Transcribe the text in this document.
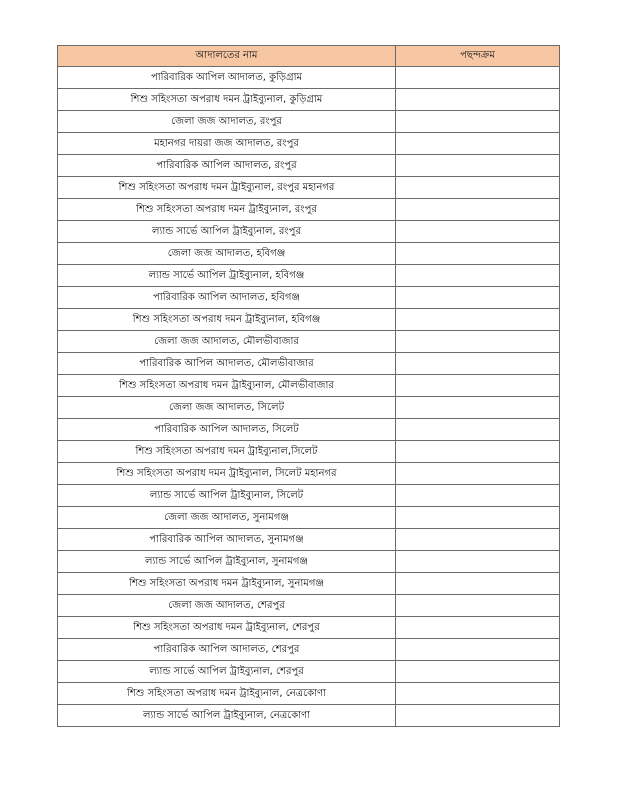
আদালতের নাম	পছন্দক্রম
পারিবারিক আপিল আদালত, কুড়িগ্রাম	
শিশু সহিংসতা অপরাধ দমন ট্রাইব্যুনাল, কুড়িগ্রাম	
জেলা জজ আদালত, রংপুর	
মহানগর দায়রা জজ আদালত, রংপুর	
পারিবারিক আপিল আদালত, রংপুর	
শিশু সহিংসতা অপরাধ দমন ট্রাইব্যুনাল, রংপুর মহানগর	
শিশু সহিংসতা অপরাধ দমন ট্রাইব্যুনাল, রংপুর	
ল্যান্ড সার্ভে আপিল ট্রাইব্যুনাল, রংপুর	
জেলা জজ আদালত, হবিগঞ্জ	
ল্যান্ড সার্ভে আপিল ট্রাইব্যুনাল, হবিগঞ্জ	
পারিবারিক আপিল আদালত, হবিগঞ্জ	
শিশু সহিংসতা অপরাধ দমন ট্রাইব্যুনাল, হবিগঞ্জ	
জেলা জজ আদালত, মৌলভীবাজার	
পারিবারিক আপিল আদালত, মৌলভীবাজার	
শিশু সহিংসতা অপরাধ দমন ট্রাইব্যুনাল, মৌলভীবাজার	
জেলা জজ আদালত, সিলেট	
পারিবারিক আপিল আদালত, সিলেট	
শিশু সহিংসতা অপরাধ দমন ট্রাইব্যুনাল,সিলেট	
শিশু সহিংসতা অপরাধ দমন ট্রাইব্যুনাল, সিলেট মহানগর	
ল্যান্ড সার্ভে আপিল ট্রাইব্যুনাল, সিলেট	
জেলা জজ আদালত, সুনামগঞ্জ	
পারিবারিক আপিল আদালত, সুনামগঞ্জ	
ল্যান্ড সার্ভে আপিল ট্রাইব্যুনাল, সুনামগঞ্জ	
শিশু সহিংসতা অপরাধ দমন ট্রাইব্যুনাল, সুনামগঞ্জ	
জেলা জজ আদালত, শেরপুর	
শিশু সহিংসতা অপরাধ দমন ট্রাইব্যুনাল, শেরপুর	
পারিবারিক আপিল আদালত, শেরপুর	
ল্যান্ড সার্ভে আপিল ট্রাইব্যুনাল, শেরপুর	
শিশু সহিংসতা অপরাধ দমন ট্রাইব্যুনাল, নেত্রকোণা	
ল্যান্ড সার্ভে আপিল ট্রাইব্যুনাল, নেত্রকোণা	
